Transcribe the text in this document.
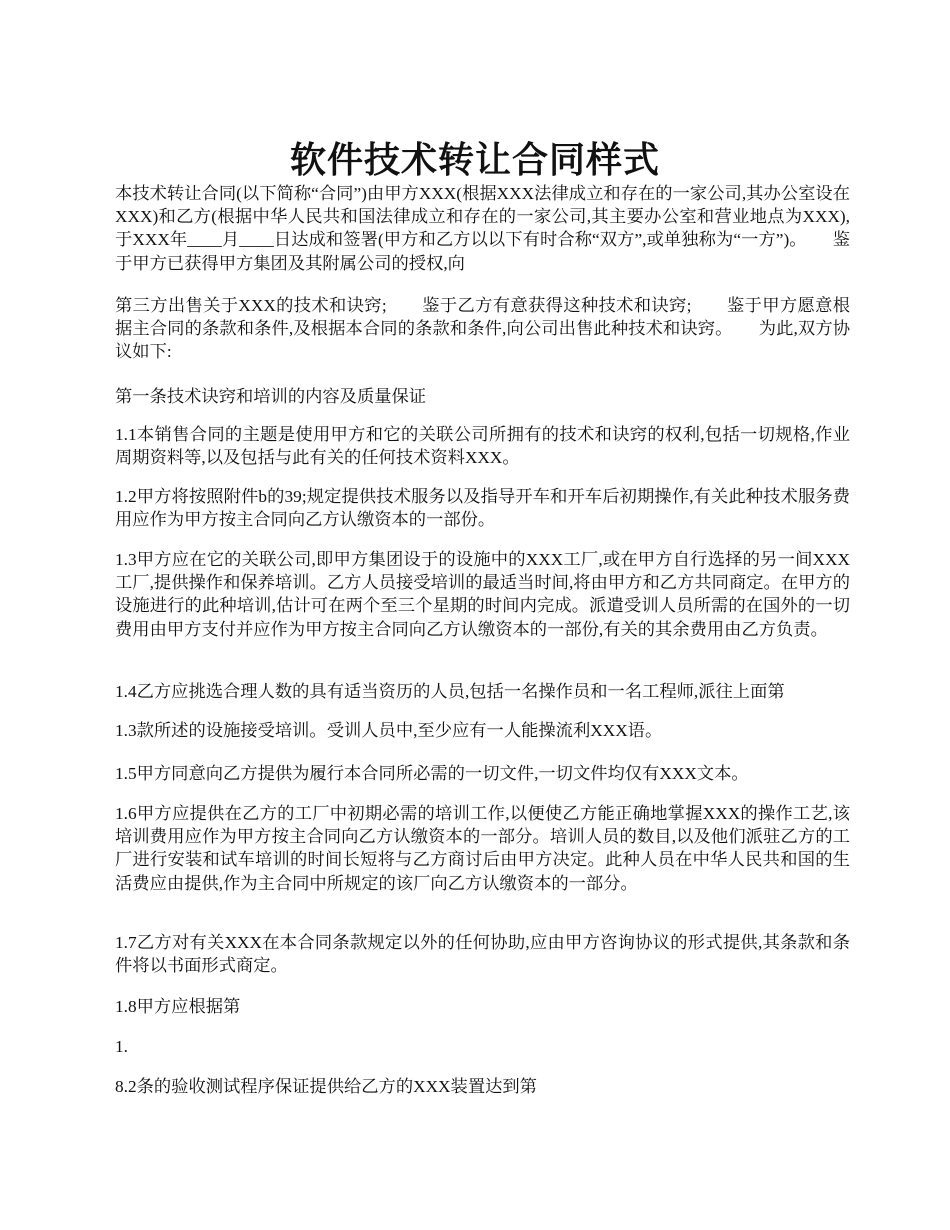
软件技术转让合同样式

本技术转让合同(以下简称“合同”)由甲方XXX(根据XXX法律成立和存在的一家公司,其办公室设在XXX)和乙方(根据中华人民共和国法律成立和存在的一家公司,其主要办公室和营业地点为XXX),于XXX年____月____日达成和签署(甲方和乙方以以下有时合称“双方”,或单独称为“一方”)。　　鉴于甲方已获得甲方集团及其附属公司的授权,向

第三方出售关于XXX的技术和诀窍;　　鉴于乙方有意获得这种技术和诀窍;　　鉴于甲方愿意根据主合同的条款和条件,及根据本合同的条款和条件,向公司出售此种技术和诀窍。　　为此,双方协议如下:

第一条技术诀窍和培训的内容及质量保证

1.1本销售合同的主题是使用甲方和它的关联公司所拥有的技术和诀窍的权利,包括一切规格,作业周期资料等,以及包括与此有关的任何技术资料XXX。

1.2甲方将按照附件b的39;规定提供技术服务以及指导开车和开车后初期操作,有关此种技术服务费用应作为甲方按主合同向乙方认缴资本的一部份。

1.3甲方应在它的关联公司,即甲方集团设于的设施中的XXX工厂,或在甲方自行选择的另一间XXX工厂,提供操作和保养培训。乙方人员接受培训的最适当时间,将由甲方和乙方共同商定。在甲方的设施进行的此种培训,估计可在两个至三个星期的时间内完成。派遣受训人员所需的在国外的一切费用由甲方支付并应作为甲方按主合同向乙方认缴资本的一部份,有关的其余费用由乙方负责。

1.4乙方应挑选合理人数的具有适当资历的人员,包括一名操作员和一名工程师,派往上面第

1.3款所述的设施接受培训。受训人员中,至少应有一人能操流利XXX语。

1.5甲方同意向乙方提供为履行本合同所必需的一切文件,一切文件均仅有XXX文本。

1.6甲方应提供在乙方的工厂中初期必需的培训工作,以便使乙方能正确地掌握XXX的操作工艺,该培训费用应作为甲方按主合同向乙方认缴资本的一部分。培训人员的数目,以及他们派驻乙方的工厂进行安装和试车培训的时间长短将与乙方商讨后由甲方决定。此种人员在中华人民共和国的生活费应由提供,作为主合同中所规定的该厂向乙方认缴资本的一部分。

1.7乙方对有关XXX在本合同条款规定以外的任何协助,应由甲方咨询协议的形式提供,其条款和条件将以书面形式商定。

1.8甲方应根据第

1.

8.2条的验收测试程序保证提供给乙方的XXX装置达到第
